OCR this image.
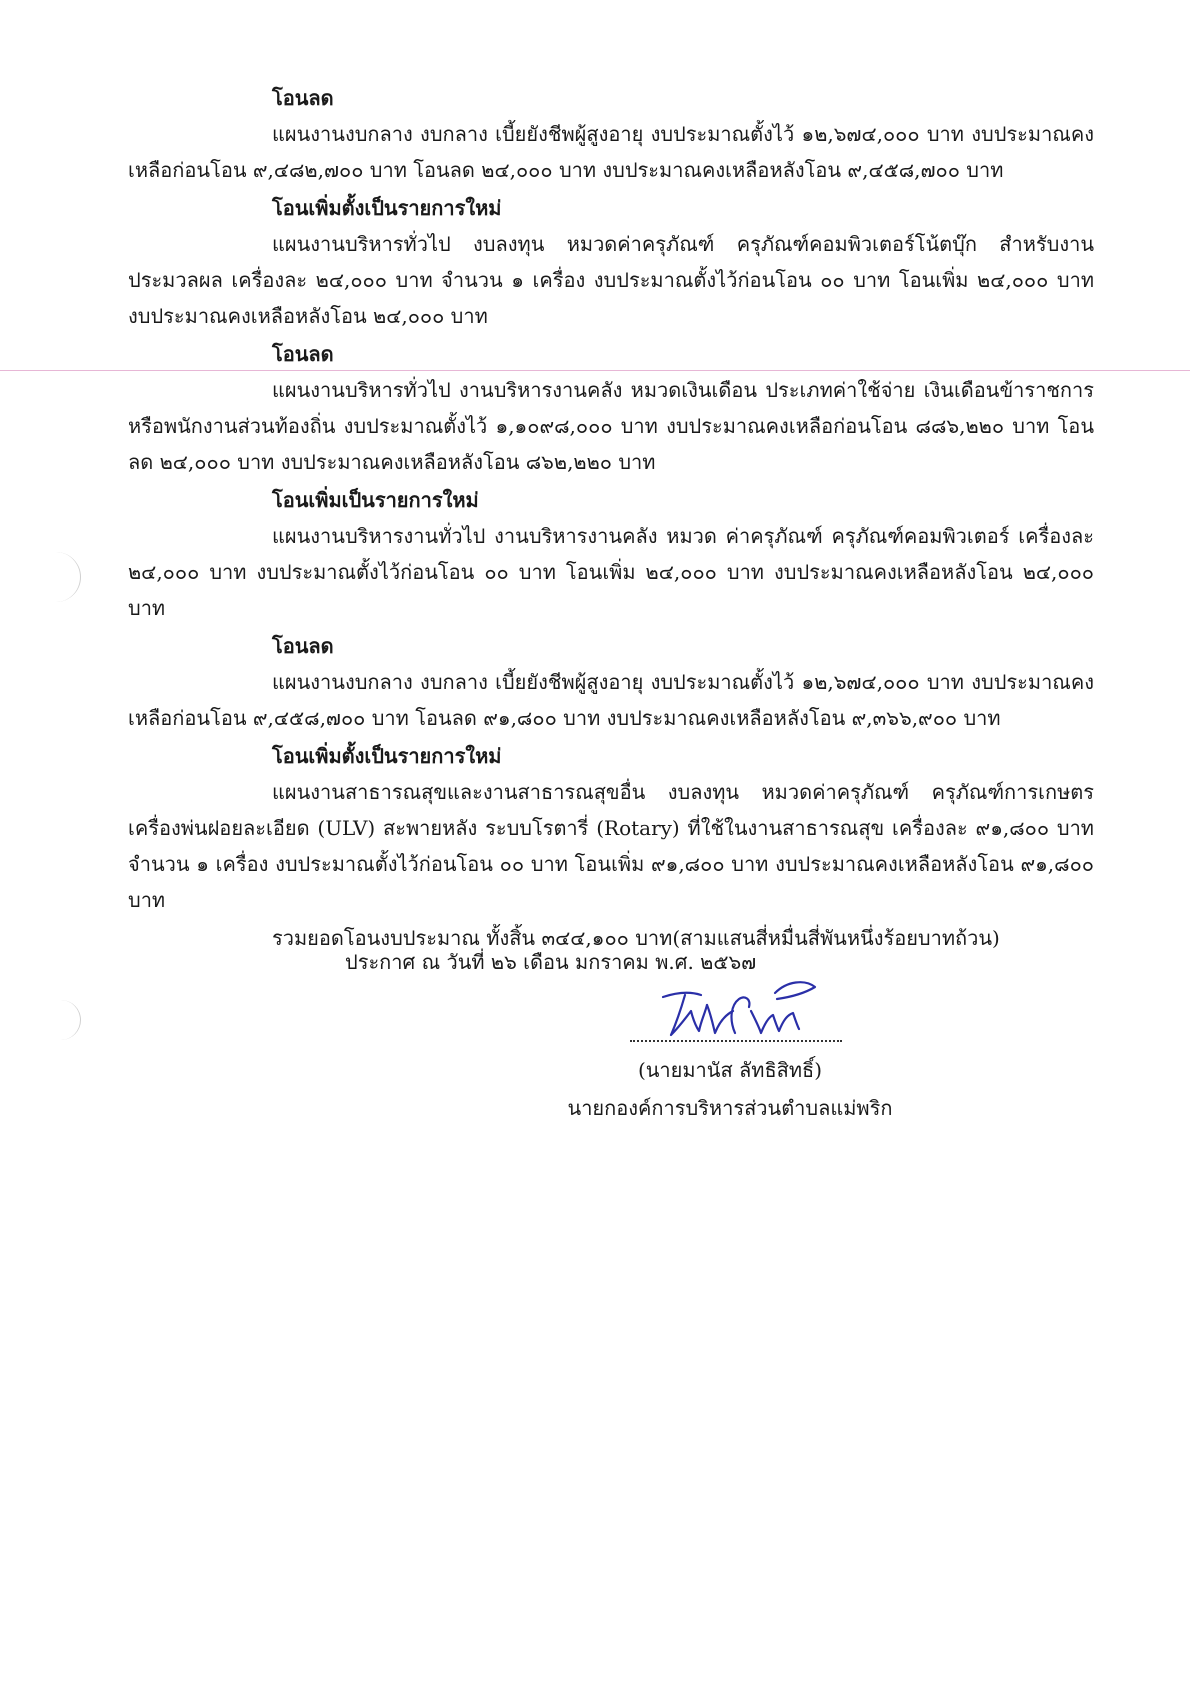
โอนลด

แผนงานงบกลาง งบกลาง เบี้ยยังชีพผู้สูงอายุ งบประมาณตั้งไว้ ๑๒,๖๗๔,๐๐๐ บาท งบประมาณคงเหลือก่อนโอน ๙,๔๘๒,๗๐๐ บาท โอนลด ๒๔,๐๐๐ บาท งบประมาณคงเหลือหลังโอน ๙,๔๕๘,๗๐๐ บาท

โอนเพิ่มตั้งเป็นรายการใหม่

แผนงานบริหารทั่วไป งบลงทุน หมวดค่าครุภัณฑ์ ครุภัณฑ์คอมพิวเตอร์โน้ตบุ๊ก สำหรับงานประมวลผล เครื่องละ ๒๔,๐๐๐ บาท จำนวน ๑ เครื่อง งบประมาณตั้งไว้ก่อนโอน ๐๐ บาท โอนเพิ่ม ๒๔,๐๐๐ บาท งบประมาณคงเหลือหลังโอน ๒๔,๐๐๐ บาท

โอนลด

แผนงานบริหารทั่วไป งานบริหารงานคลัง หมวดเงินเดือน ประเภทค่าใช้จ่าย เงินเดือนข้าราชการหรือพนักงานส่วนท้องถิ่น งบประมาณตั้งไว้ ๑,๑๐๙๘,๐๐๐ บาท งบประมาณคงเหลือก่อนโอน ๘๘๖,๒๒๐ บาท โอนลด ๒๔,๐๐๐ บาท งบประมาณคงเหลือหลังโอน ๘๖๒,๒๒๐ บาท

โอนเพิ่มเป็นรายการใหม่

แผนงานบริหารงานทั่วไป งานบริหารงานคลัง หมวด ค่าครุภัณฑ์ ครุภัณฑ์คอมพิวเตอร์ เครื่องละ ๒๔,๐๐๐ บาท งบประมาณตั้งไว้ก่อนโอน ๐๐ บาท โอนเพิ่ม ๒๔,๐๐๐ บาท งบประมาณคงเหลือหลังโอน ๒๔,๐๐๐ บาท

โอนลด

แผนงานงบกลาง งบกลาง เบี้ยยังชีพผู้สูงอายุ งบประมาณตั้งไว้ ๑๒,๖๗๔,๐๐๐ บาท งบประมาณคงเหลือก่อนโอน ๙,๔๕๘,๗๐๐ บาท โอนลด ๙๑,๘๐๐ บาท งบประมาณคงเหลือหลังโอน ๙,๓๖๖,๙๐๐ บาท

โอนเพิ่มตั้งเป็นรายการใหม่

แผนงานสาธารณสุขและงานสาธารณสุขอื่น งบลงทุน หมวดค่าครุภัณฑ์ ครุภัณฑ์การเกษตร เครื่องพ่นฝอยละเอียด (ULV) สะพายหลัง ระบบโรตารี่ (Rotary) ที่ใช้ในงานสาธารณสุข เครื่องละ ๙๑,๘๐๐ บาท จำนวน ๑ เครื่อง งบประมาณตั้งไว้ก่อนโอน ๐๐ บาท โอนเพิ่ม ๙๑,๘๐๐ บาท งบประมาณคงเหลือหลังโอน ๙๑,๘๐๐ บาท

รวมยอดโอนงบประมาณ ทั้งสิ้น ๓๔๔,๑๐๐ บาท(สามแสนสี่หมื่นสี่พันหนึ่งร้อยบาทถ้วน)

ประกาศ ณ วันที่ ๒๖ เดือน มกราคม พ.ศ. ๒๕๖๗
(นายมานัส ลัทธิสิทธิ์)
นายกองค์การบริหารส่วนตำบลแม่พริก
